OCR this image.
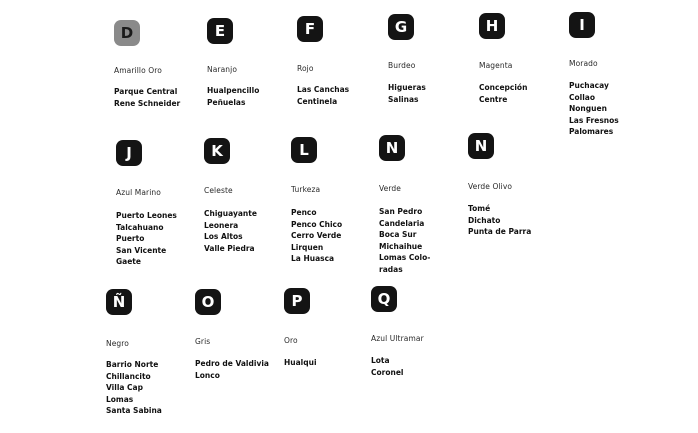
D
Amarillo Oro
Parque Central
Rene Schneider
E
Naranjo
Hualpencillo
Peñuelas
F
Rojo
Las Canchas
Centinela
G
Burdeo
Higueras
Salinas
H
Magenta
Concepción
Centre
I
Morado
Puchacay
Collao
Nonguen
Las Fresnos
Palomares
J
Azul Marino
Puerto Leones
Talcahuano
Puerto
San Vicente
Gaete
K
Celeste
Chiguayante
Leonera
Los Altos
Valle Piedra
L
Turkeza
Penco
Penco Chico
Cerro Verde
Lirquen
La Huasca
N
Verde
San Pedro
Candelaria
Boca Sur
Michaihue
Lomas Colo-
radas
N
Verde Olivo
Tomé
Dichato
Punta de Parra
Ñ
Negro
Barrio Norte
Chillancito
Villa Cap
Lomas
Santa Sabina
O
Gris
Pedro de Valdivia
Lonco
P
Oro
Hualqui
Q
Azul Ultramar
Lota
Coronel
